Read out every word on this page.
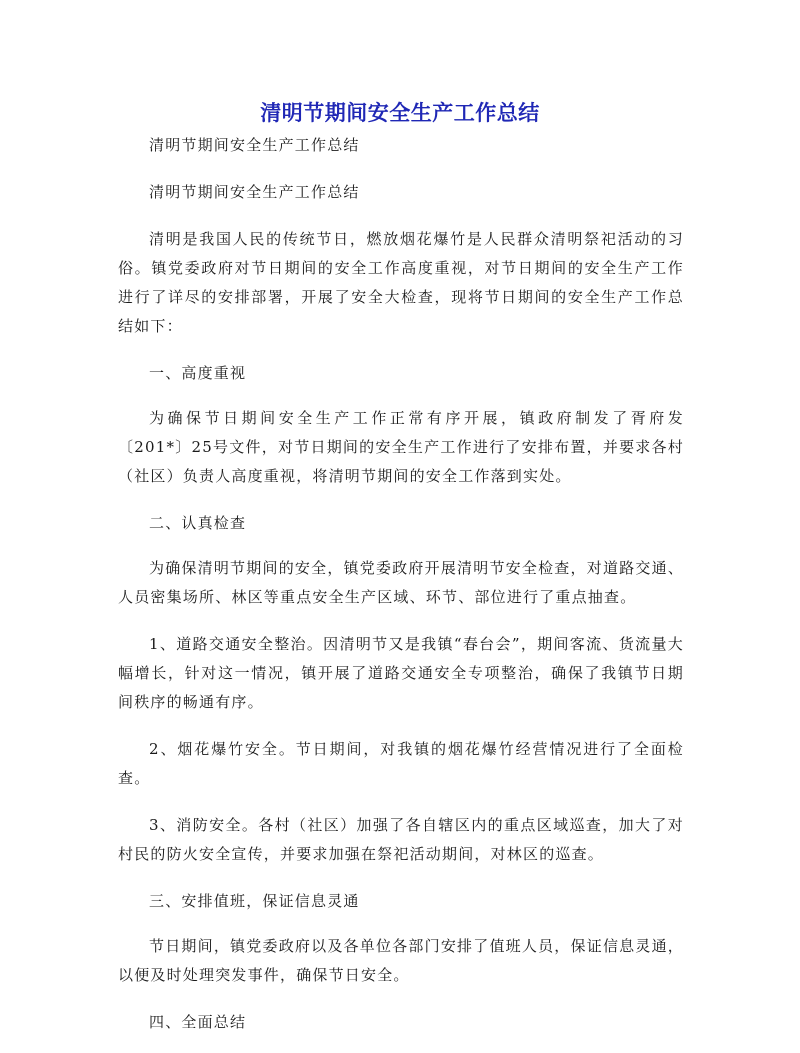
清明节期间安全生产工作总结

清明节期间安全生产工作总结

清明节期间安全生产工作总结

清明是我国人民的传统节日，燃放烟花爆竹是人民群众清明祭祀活动的习俗。镇党委政府对节日期间的安全工作高度重视，对节日期间的安全生产工作进行了详尽的安排部署，开展了安全大检查，现将节日期间的安全生产工作总结如下：

一、高度重视

为确保节日期间安全生产工作正常有序开展，镇政府制发了胥府发〔201*〕25号文件，对节日期间的安全生产工作进行了安排布置，并要求各村（社区）负责人高度重视，将清明节期间的安全工作落到实处。

二、认真检查

为确保清明节期间的安全，镇党委政府开展清明节安全检查，对道路交通、人员密集场所、林区等重点安全生产区域、环节、部位进行了重点抽查。

1、道路交通安全整治。因清明节又是我镇“春台会”，期间客流、货流量大幅增长，针对这一情况，镇开展了道路交通安全专项整治，确保了我镇节日期间秩序的畅通有序。

2、烟花爆竹安全。节日期间，对我镇的烟花爆竹经营情况进行了全面检查。

3、消防安全。各村（社区）加强了各自辖区内的重点区域巡查，加大了对村民的防火安全宣传，并要求加强在祭祀活动期间，对林区的巡查。

三、安排值班，保证信息灵通

节日期间，镇党委政府以及各单位各部门安排了值班人员，保证信息灵通，以便及时处理突发事件，确保节日安全。

四、全面总结
